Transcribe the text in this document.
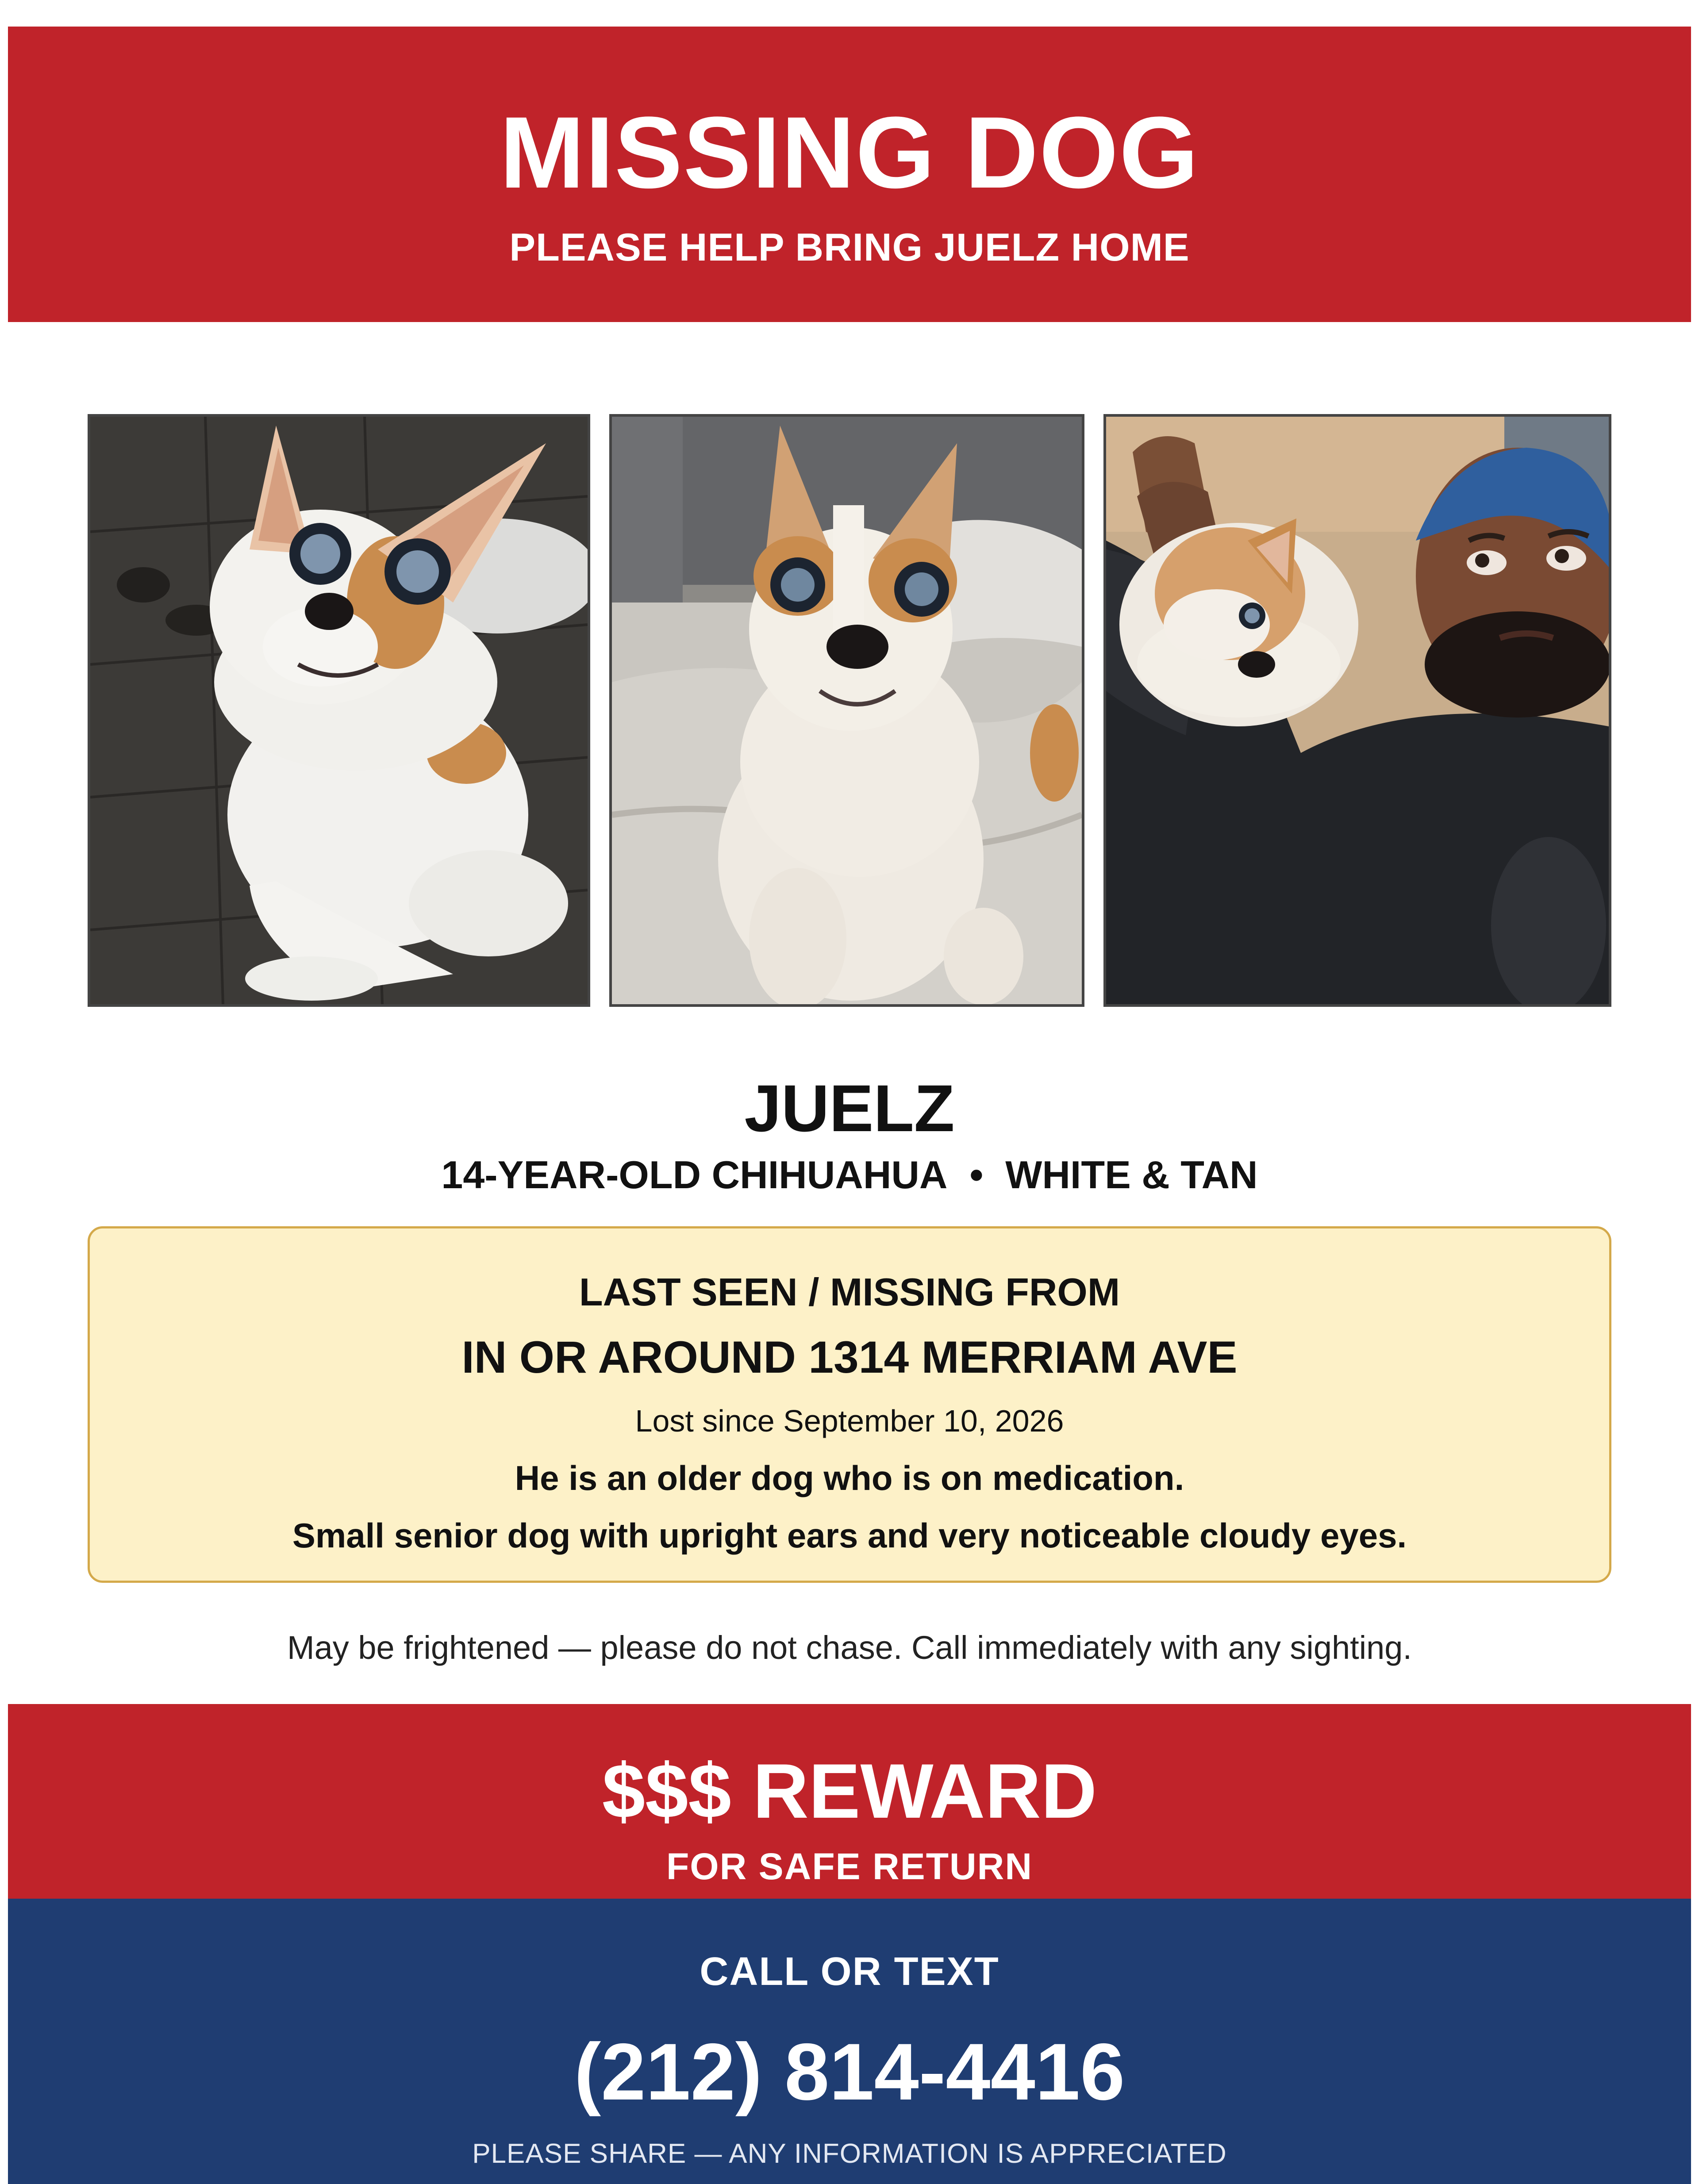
MISSING DOG
PLEASE HELP BRING JUELZ HOME
JUELZ
14-YEAR-OLD CHIHUAHUA • WHITE & TAN
LAST SEEN / MISSING FROM
IN OR AROUND 1314 MERRIAM AVE
Lost since September 10, 2026
He is an older dog who is on medication.
Small senior dog with upright ears and very noticeable cloudy eyes.
May be frightened — please do not chase. Call immediately with any sighting.
$$$ REWARD
FOR SAFE RETURN
CALL OR TEXT
(212) 814-4416
PLEASE SHARE — ANY INFORMATION IS APPRECIATED
